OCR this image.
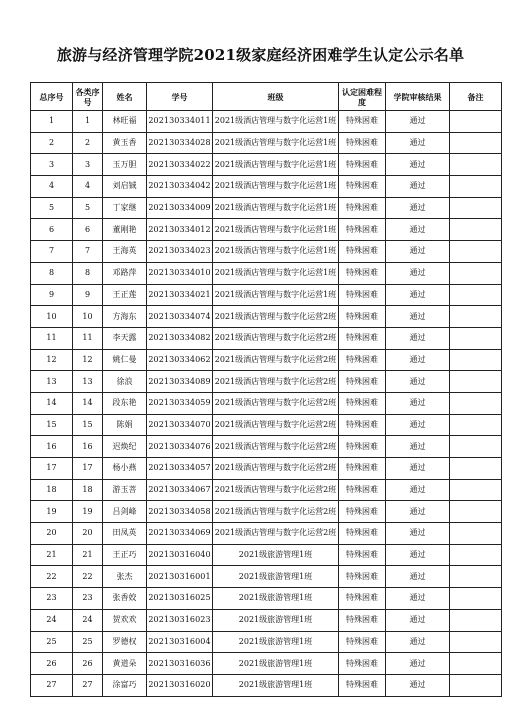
旅游与经济管理学院2021级家庭经济困难学生认定公示名单
总序号	各类序号	姓名	学号	班级	认定困难程度	学院审核结果	备注
1	1	林旺福	202130334011	2021级酒店管理与数字化运营1班	特殊困难	通过	
2	2	黄玉香	202130334028	2021级酒店管理与数字化运营1班	特殊困难	通过	
3	3	玉万胆	202130334022	2021级酒店管理与数字化运营1班	特殊困难	通过	
4	4	刘启铖	202130334042	2021级酒店管理与数字化运营1班	特殊困难	通过	
5	5	丁家继	202130334009	2021级酒店管理与数字化运营1班	特殊困难	通过	
6	6	董刚艳	202130334012	2021级酒店管理与数字化运营1班	特殊困难	通过	
7	7	王海英	202130334023	2021级酒店管理与数字化运营1班	特殊困难	通过	
8	8	邓路萍	202130334010	2021级酒店管理与数字化运营1班	特殊困难	通过	
9	9	王正莲	202130334021	2021级酒店管理与数字化运营1班	特殊困难	通过	
10	10	方海东	202130334074	2021级酒店管理与数字化运营2班	特殊困难	通过	
11	11	李天露	202130334082	2021级酒店管理与数字化运营2班	特殊困难	通过	
12	12	姚仁曼	202130334062	2021级酒店管理与数字化运营2班	特殊困难	通过	
13	13	徐浪	202130334089	2021级酒店管理与数字化运营2班	特殊困难	通过	
14	14	段东艳	202130334059	2021级酒店管理与数字化运营2班	特殊困难	通过	
15	15	陈娟	202130334070	2021级酒店管理与数字化运营2班	特殊困难	通过	
16	16	迟焕纪	202130334076	2021级酒店管理与数字化运营2班	特殊困难	通过	
17	17	杨小燕	202130334057	2021级酒店管理与数字化运营2班	特殊困难	通过	
18	18	游玉菩	202130334067	2021级酒店管理与数字化运营2班	特殊困难	通过	
19	19	吕剑峰	202130334058	2021级酒店管理与数字化运营2班	特殊困难	通过	
20	20	田凤英	202130334069	2021级酒店管理与数字化运营2班	特殊困难	通过	
21	21	王正巧	202130316040	2021级旅游管理1班	特殊困难	通过	
22	22	张杰	202130316001	2021级旅游管理1班	特殊困难	通过	
23	23	张香姣	202130316025	2021级旅游管理1班	特殊困难	通过	
24	24	贺欢欢	202130316023	2021级旅游管理1班	特殊困难	通过	
25	25	罗德权	202130316004	2021级旅游管理1班	特殊困难	通过	
26	26	黄道朵	202130316036	2021级旅游管理1班	特殊困难	通过	
27	27	涂富巧	202130316020	2021级旅游管理1班	特殊困难	通过	
